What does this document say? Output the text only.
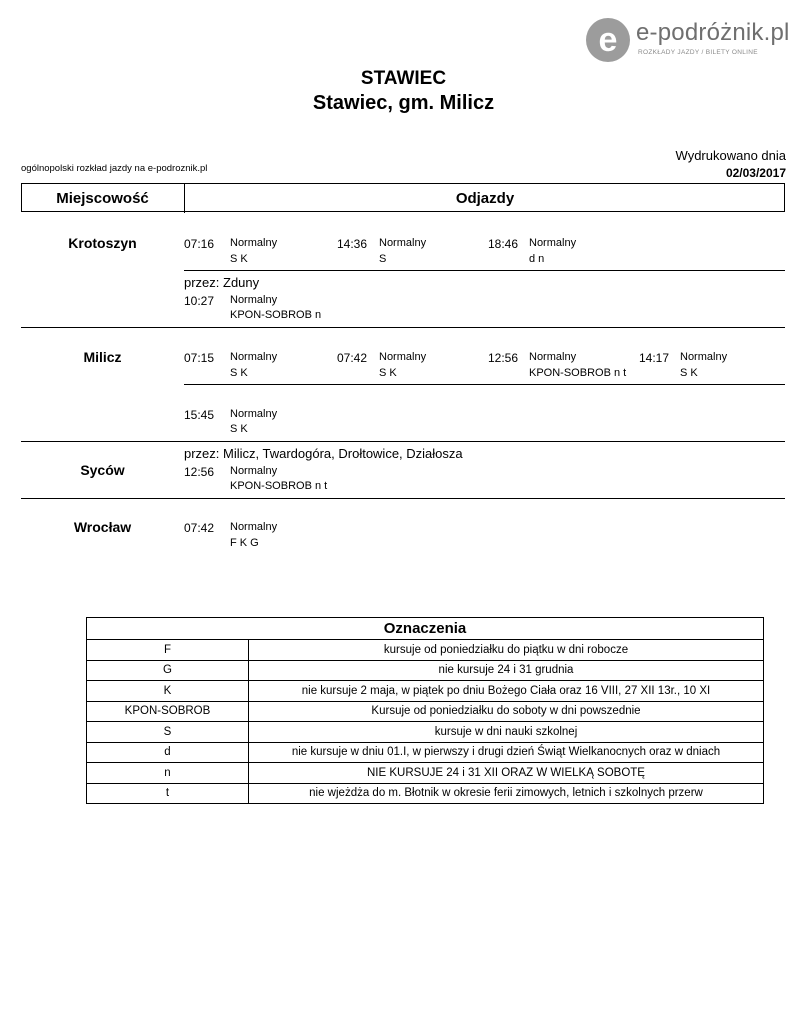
e e-podróżnik.pl
ROZKŁADY JAZDY / BILETY ONLINE
STAWIEC
Stawiec, gm. Milicz
ogólnopolski rozkład jazdy na e-podroznik.pl
Wydrukowano dnia
02/03/2017
Miejscowość	Odjazdy
Krotoszyn	07:16 Normalny
S K
14:36 Normalny
S
18:46 Normalny
d n
przez: Zduny
10:27 Normalny
KPON-SOBROB n
Milicz	07:15 Normalny
S K
07:42 Normalny
S K
12:56 Normalny
KPON-SOBROB n t
14:17 Normalny
S K
15:45 Normalny
S K
przez: Milicz, Twardogóra, Drołtowice, Działosza
Syców	12:56 Normalny
KPON-SOBROB n t
Wrocław	07:42 Normalny
F K G
Oznaczenia	
F	kursuje od poniedziałku do piątku w dni robocze
G	nie kursuje 24 i 31 grudnia
K	nie kursuje 2 maja, w piątek po dniu Bożego Ciała oraz 16 VIII, 27 XII 13r., 10 XI
KPON-SOBROB	Kursuje od poniedziałku do soboty w dni powszednie
S	kursuje w dni nauki szkolnej
d	nie kursuje w dniu 01.I, w pierwszy i drugi dzień Świąt Wielkanocnych oraz w dniach
n	NIE KURSUJE 24 i 31 XII ORAZ W WIELKĄ SOBOTĘ
t	nie wjeżdża do m. Błotnik w okresie ferii zimowych, letnich i szkolnych przerw
